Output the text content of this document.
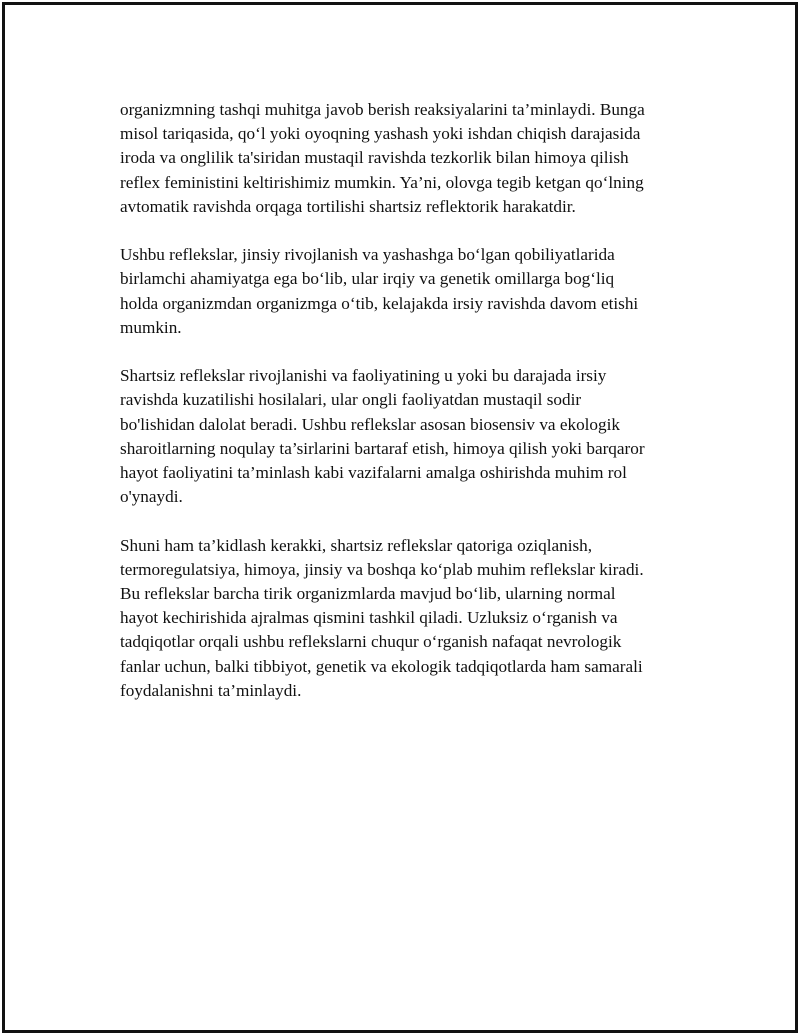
organizmning tashqi muhitga javob berish reaksiyalarini ta’minlaydi. Bunga
misol tariqasida, qo‘l yoki oyoqning yashash yoki ishdan chiqish darajasida
iroda va onglilik ta'siridan mustaqil ravishda tezkorlik bilan himoya qilish
reflex feministini keltirishimiz mumkin. Ya’ni, olovga tegib ketgan qo‘lning
avtomatik ravishda orqaga tortilishi shartsiz reflektorik harakatdir.

Ushbu reflekslar, jinsiy rivojlanish va yashashga bo‘lgan qobiliyatlarida
birlamchi ahamiyatga ega bo‘lib, ular irqiy va genetik omillarga bog‘liq
holda organizmdan organizmga o‘tib, kelajakda irsiy ravishda davom etishi
mumkin.

Shartsiz reflekslar rivojlanishi va faoliyatining u yoki bu darajada irsiy
ravishda kuzatilishi hosilalari, ular ongli faoliyatdan mustaqil sodir
bo'lishidan dalolat beradi. Ushbu reflekslar asosan biosensiv va ekologik
sharoitlarning noqulay ta’sirlarini bartaraf etish, himoya qilish yoki barqaror
hayot faoliyatini ta’minlash kabi vazifalarni amalga oshirishda muhim rol
o'ynaydi.

Shuni ham ta’kidlash kerakki, shartsiz reflekslar qatoriga oziqlanish,
termoregulatsiya, himoya, jinsiy va boshqa ko‘plab muhim reflekslar kiradi.
Bu reflekslar barcha tirik organizmlarda mavjud bo‘lib, ularning normal
hayot kechirishida ajralmas qismini tashkil qiladi. Uzluksiz o‘rganish va
tadqiqotlar orqali ushbu reflekslarni chuqur o‘rganish nafaqat nevrologik
fanlar uchun, balki tibbiyot, genetik va ekologik tadqiqotlarda ham samarali
foydalanishni ta’minlaydi.
